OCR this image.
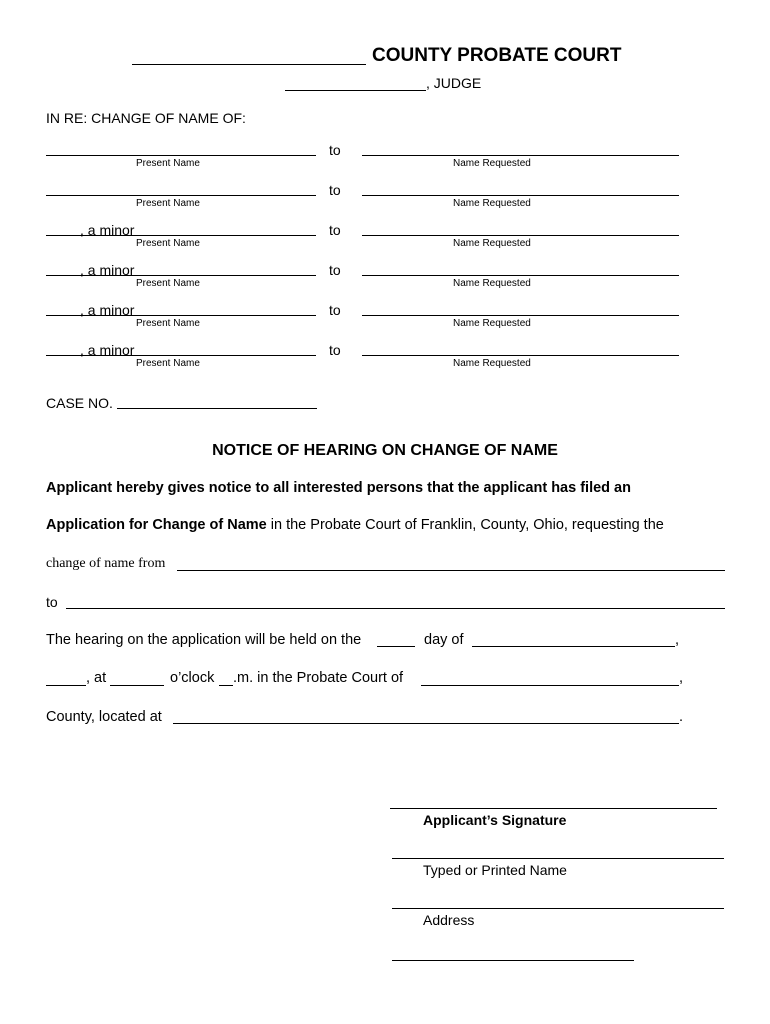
COUNTY PROBATE COURT
, JUDGE
IN RE: CHANGE OF NAME OF:
to
Present Name	Name Requested
to
Present Name	Name Requested
, a minor	to
Present Name	Name Requested
, a minor	to
Present Name	Name Requested
, a minor	to
Present Name	Name Requested
, a minor	to
Present Name	Name Requested
CASE NO.
NOTICE OF HEARING ON CHANGE OF NAME
Applicant hereby gives notice to all interested persons that the applicant has filed an
Application for Change of Name in the Probate Court of Franklin, County, Ohio, requesting the
change of name from
to
The hearing on the application will be held on the	day of	,
, at	o’clock .m. in the Probate Court of	,
County, located at	.
Applicant’s Signature
Typed or Printed Name
Address
